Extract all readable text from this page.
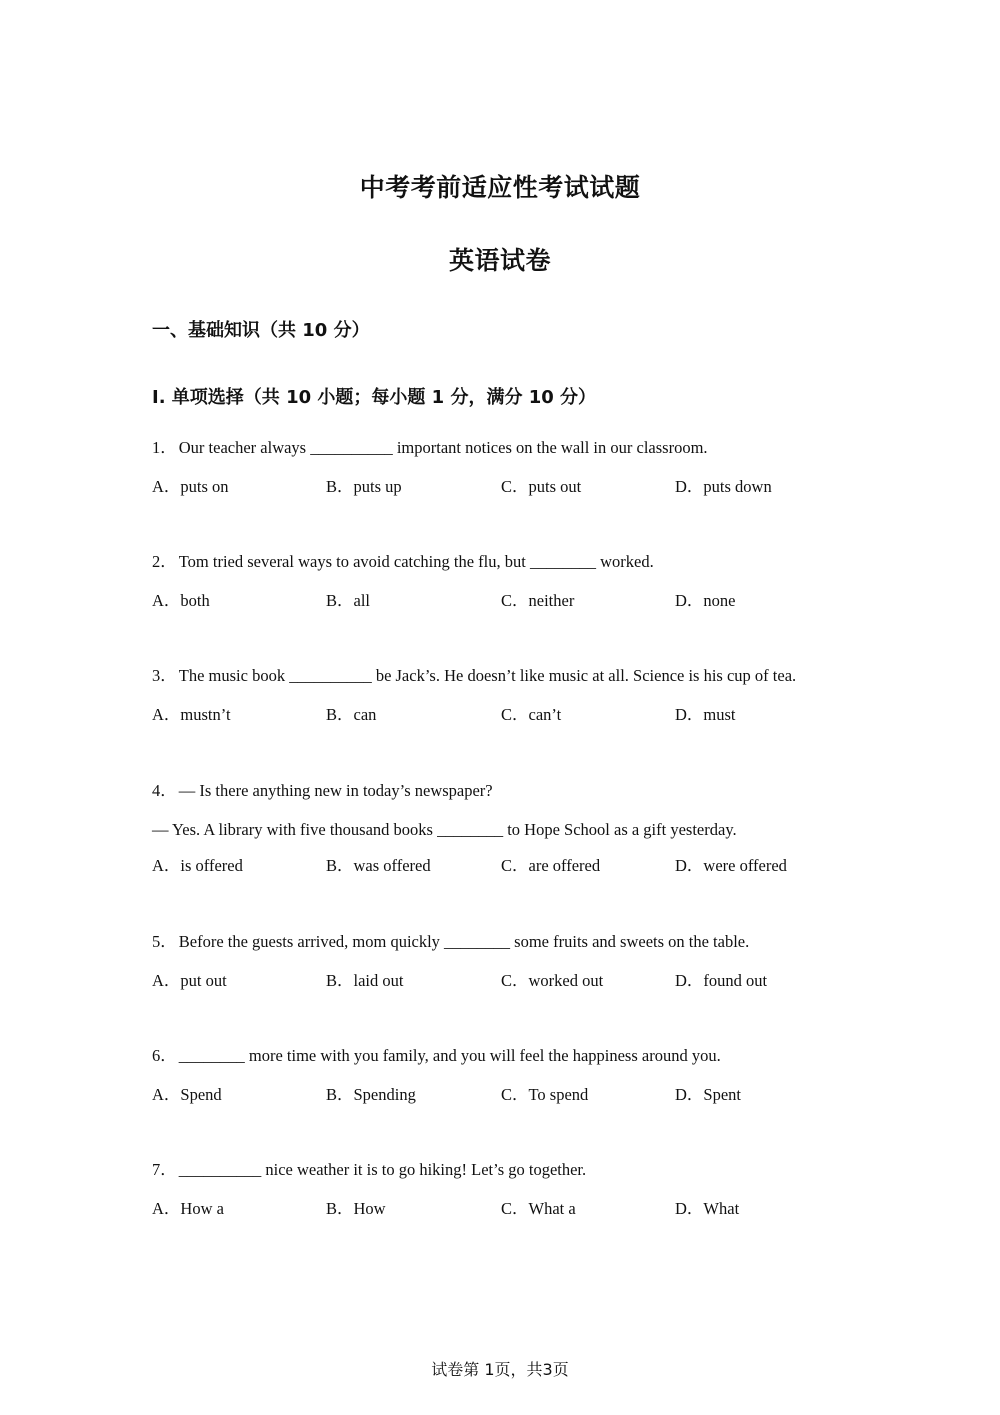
中考考前适应性考试试题
英语试卷
一、基础知识（共 10 分）
I. 单项选择（共 10 小题；每小题 1 分，满分 10 分）
1． Our teacher always __________ important notices on the wall in our classroom.
A．puts on	B．puts up	C．puts out	D．puts down
2． Tom tried several ways to avoid catching the flu, but ________ worked.
A．both	B．all	C．neither	D．none
3． The music book __________ be Jack’s. He doesn’t like music at all. Science is his cup of tea.
A．mustn’t	B．can	C．can’t	D．must
4． — Is there anything new in today’s newspaper?
— Yes. A library with five thousand books ________ to Hope School as a gift yesterday.
A．is offered	B．was offered	C．are offered	D．were offered
5． Before the guests arrived, mom quickly ________ some fruits and sweets on the table.
A．put out	B．laid out	C．worked out	D．found out
6． ________ more time with you family, and you will feel the happiness around you.
A．Spend	B．Spending	C．To spend	D．Spent
7． __________ nice weather it is to go hiking! Let’s go together.
A．How a	B．How	C．What a	D．What
试卷第 1页，共3页
